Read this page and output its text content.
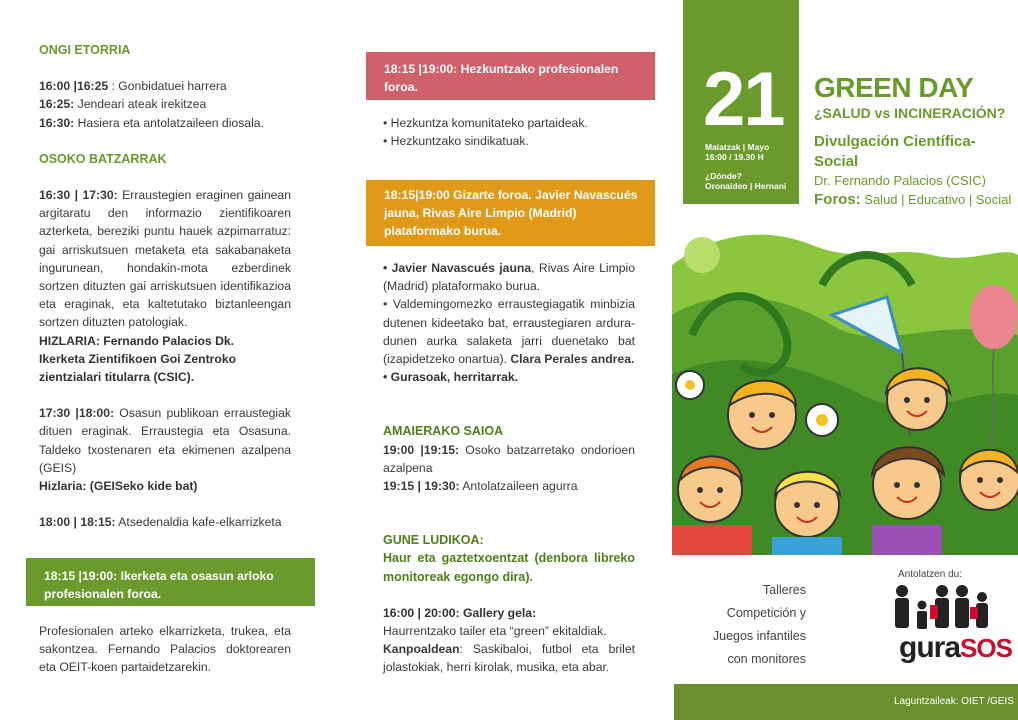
ONGI ETORRIA

16:00 |16:25 : Gonbidatuei harrera

16:25: Jendeari ateak irekitzea

16:30: Hasiera eta antolatzaileen diosala.

OSOKO BATZARRAK

16:30 | 17:30: Erraustegien eraginen gainean argitaratu den informazio zientifikoaren azterketa, bereziki puntu hauek azpimarratuz: gai arriskutsuen metaketa eta sakabanaketa ingurunean, hondakin-mota ezberdinek sortzen dituzten gai arriskutsuen identifikazioa eta eraginak, eta kaltetutako biztanleengan sortzen dituzten patologiak.

HIZLARIA: Fernando Palacios Dk.

Ikerketa Zientifikoen Goi Zentroko

zientzialari titularra (CSIC).

17:30 |18:00: Osasun publikoan erraustegiak dituen eraginak. Erraustegia eta Osasuna. Taldeko txostenaren eta ekimenen azalpena (GEIS)

Hizlaria: (GEISeko kide bat)

18:00 | 18:15: Atsedenaldia kafe-elkarrizketa

18:15 |19:00: Ikerketa eta osasun arloko profesionalen foroa.

Profesionalen arteko elkarrizketa, trukea, eta sakontzea. Fernando Palacios doktorearen eta OEIT-koen partaidetzarekin.

18:15 |19:00: Hezkuntzako profesionalen foroa.

• Hezkuntza komunitateko partaideak.

• Hezkuntzako sindikatuak.

18:15|19:00 Gizarte foroa. Javier Navascués jauna, Rivas Aire Limpio (Madrid) plataformako burua.

• Javier Navascués jauna, Rivas Aire Limpio (Madrid) plataformako burua.

• Valdemingomezko erraustegiagatik minbizia dutenen kideetako bat, erraustegiaren arduradunen aurka salaketa jarri duenetako bat (izapidetzeko onartua). Clara Perales andrea.

• Gurasoak, herritarrak.

AMAIERAKO SAIOA

19:00 |19:15: Osoko batzarretako ondorioen azalpena

19:15 | 19:30: Antolatzaileen agurra

GUNE LUDIKOA:

Haur eta gaztetxoentzat (denbora libreko monitoreak egongo dira).

16:00 | 20:00: Gallery gela:

Haurrentzako tailer eta “green” ekitaldiak.

Kanpoaldean: Saskibaloi, futbol eta brilet jolastokiak, herri kirolak, musika, eta abar.

21
Maiatzak | Mayo
16:00 / 19.30 H
¿Dónde?
Oronaideo | Hernani
GREEN DAY
¿SALUD vs INCINERACIÓN?
Divulgación Científica-Social
Dr. Fernando Palacios (CSIC)
Foros: Salud | Educativo | Social
Talleres
Competición y
Juegos infantiles
con monitores
Antolatzen du:
guraSOS
Laguntzaileak: OIET /GEIS
